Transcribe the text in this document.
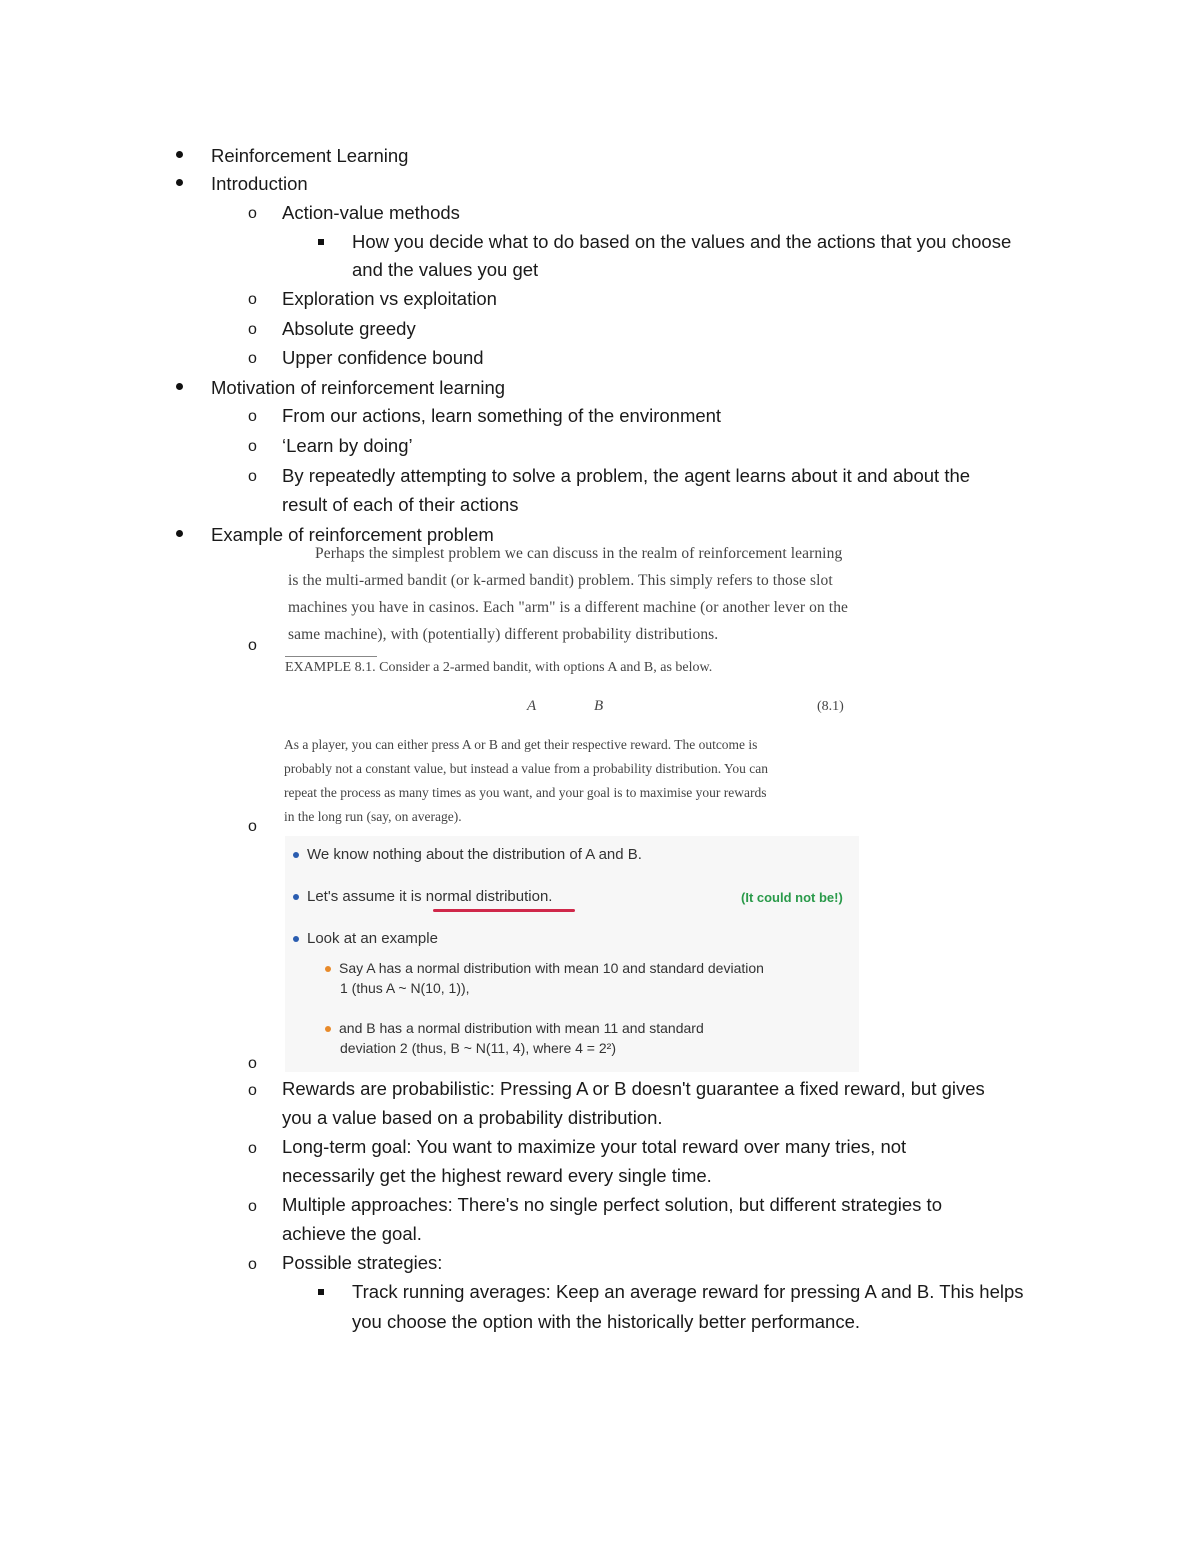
Reinforcement Learning
Introduction
o Action-value methods
How you decide what to do based on the values and the actions that you choose
and the values you get
o Exploration vs exploitation
o Absolute greedy
o Upper confidence bound
Motivation of reinforcement learning
o From our actions, learn something of the environment
o ‘Learn by doing’
o By repeatedly attempting to solve a problem, the agent learns about it and about the
result of each of their actions
Example of reinforcement problem
o
Perhaps the simplest problem we can discuss in the realm of reinforcement learning
is the multi-armed bandit (or k-armed bandit) problem. This simply refers to those slot
machines you have in casinos. Each "arm" is a different machine (or another lever on the
same machine), with (potentially) different probability distributions.
EXAMPLE 8.1. Consider a 2-armed bandit, with options A and B, as below.
A	B	(8.1)
o
As a player, you can either press A or B and get their respective reward. The outcome is
probably not a constant value, but instead a value from a probability distribution. You can
repeat the process as many times as you want, and your goal is to maximise your rewards
in the long run (say, on average).
o
We know nothing about the distribution of A and B.
Let's assume it is normal distribution.	(It could not be!)
Look at an example
Say A has a normal distribution with mean 10 and standard deviation
1 (thus A ~ N(10, 1)),
and B has a normal distribution with mean 11 and standard
deviation 2 (thus, B ~ N(11, 4), where 4 = 2²)
o Rewards are probabilistic: Pressing A or B doesn't guarantee a fixed reward, but gives
you a value based on a probability distribution.
o Long-term goal: You want to maximize your total reward over many tries, not
necessarily get the highest reward every single time.
o Multiple approaches: There's no single perfect solution, but different strategies to
achieve the goal.
o Possible strategies:
Track running averages: Keep an average reward for pressing A and B. This helps
you choose the option with the historically better performance.
